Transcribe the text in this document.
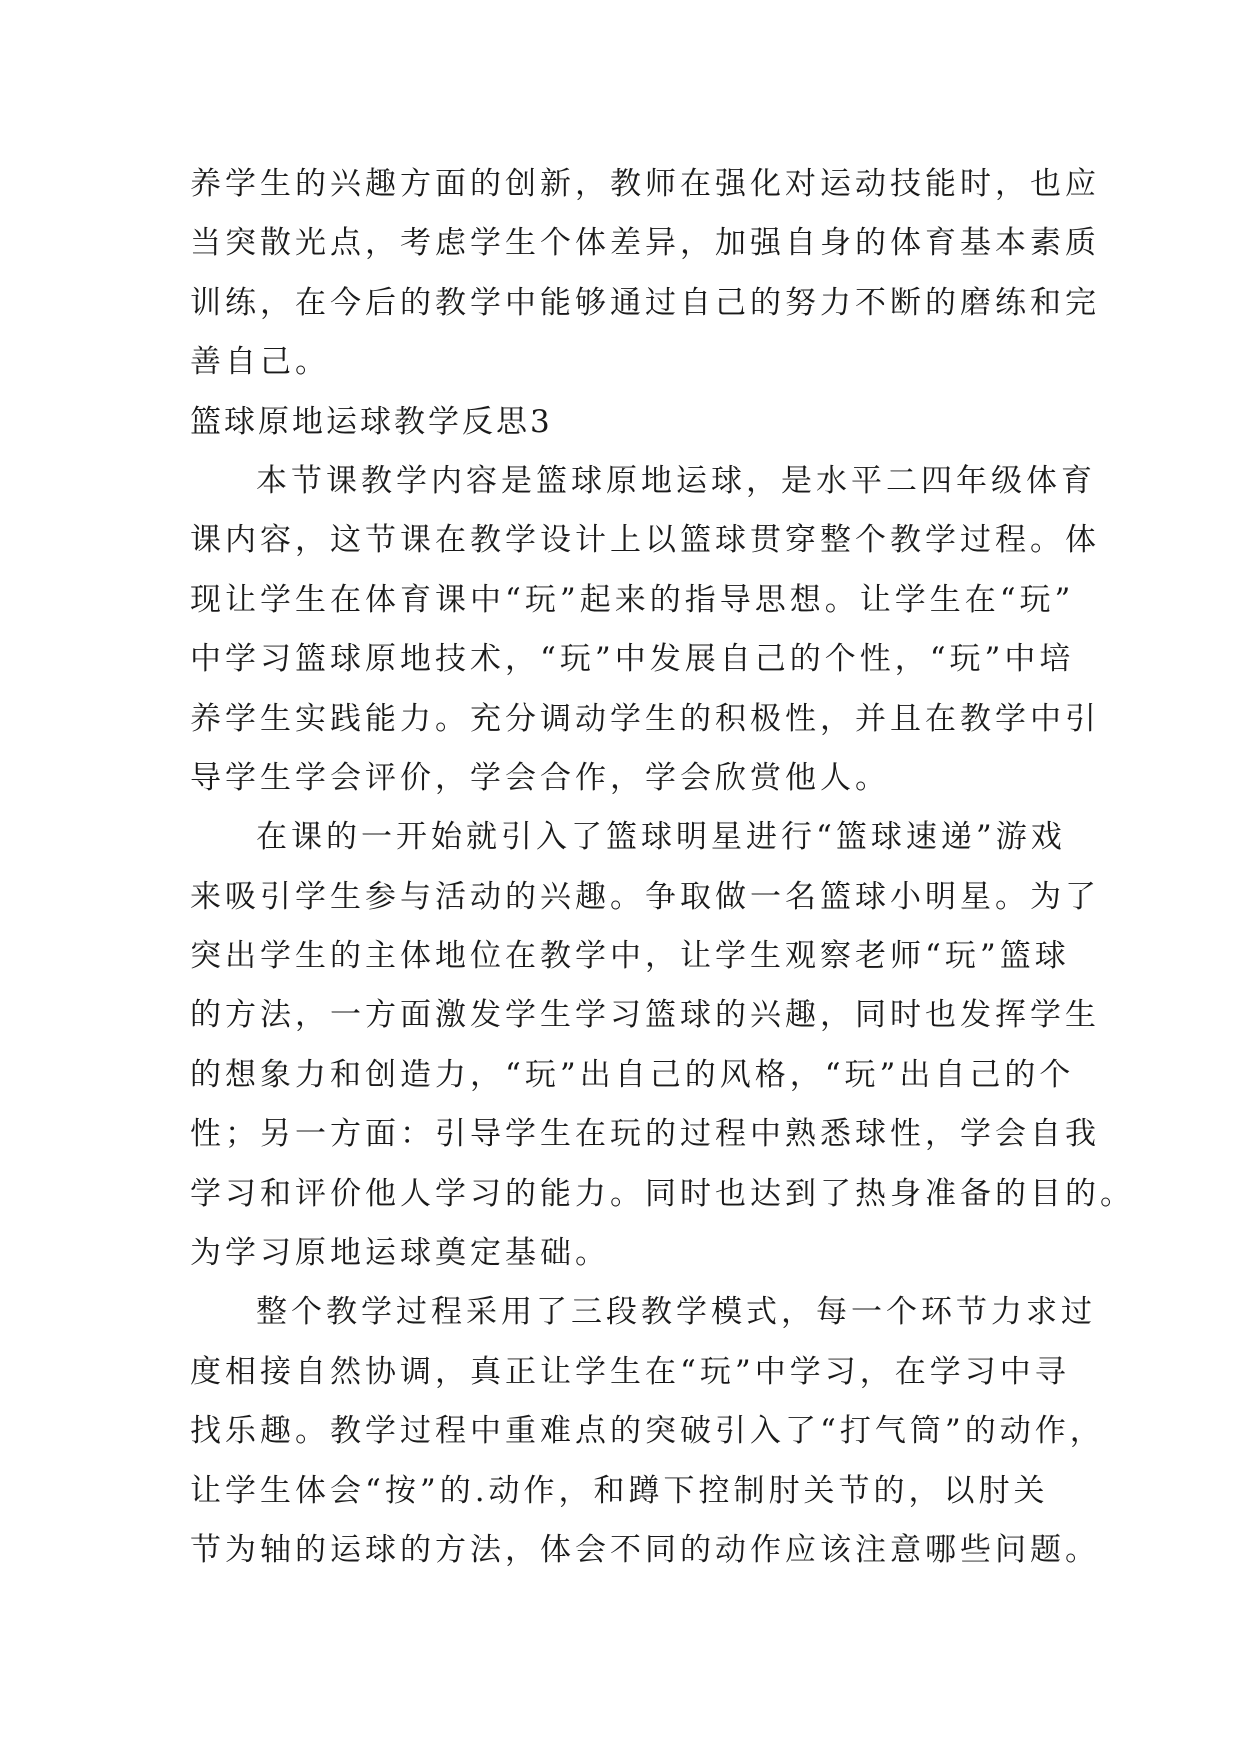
养学生的兴趣方面的创新，教师在强化对运动技能时，也应
当突散光点，考虑学生个体差异，加强自身的体育基本素质
训练，在今后的教学中能够通过自己的努力不断的磨练和完
善自己。
篮球原地运球教学反思3
本节课教学内容是篮球原地运球，是水平二四年级体育
课内容，这节课在教学设计上以篮球贯穿整个教学过程。体
现让学生在体育课中“玩”起来的指导思想。让学生在“玩”
中学习篮球原地技术，“玩”中发展自己的个性，“玩”中培
养学生实践能力。充分调动学生的积极性，并且在教学中引
导学生学会评价，学会合作，学会欣赏他人。
在课的一开始就引入了篮球明星进行“篮球速递”游戏
来吸引学生参与活动的兴趣。争取做一名篮球小明星。为了
突出学生的主体地位在教学中，让学生观察老师“玩”篮球
的方法，一方面激发学生学习篮球的兴趣，同时也发挥学生
的想象力和创造力，“玩”出自己的风格，“玩”出自己的个
性；另一方面：引导学生在玩的过程中熟悉球性，学会自我
学习和评价他人学习的能力。同时也达到了热身准备的目的。
为学习原地运球奠定基础。
整个教学过程采用了三段教学模式，每一个环节力求过
度相接自然协调，真正让学生在“玩”中学习，在学习中寻
找乐趣。教学过程中重难点的突破引入了“打气筒”的动作，
让学生体会“按”的.动作，和蹲下控制肘关节的，以肘关
节为轴的运球的方法，体会不同的动作应该注意哪些问题。
